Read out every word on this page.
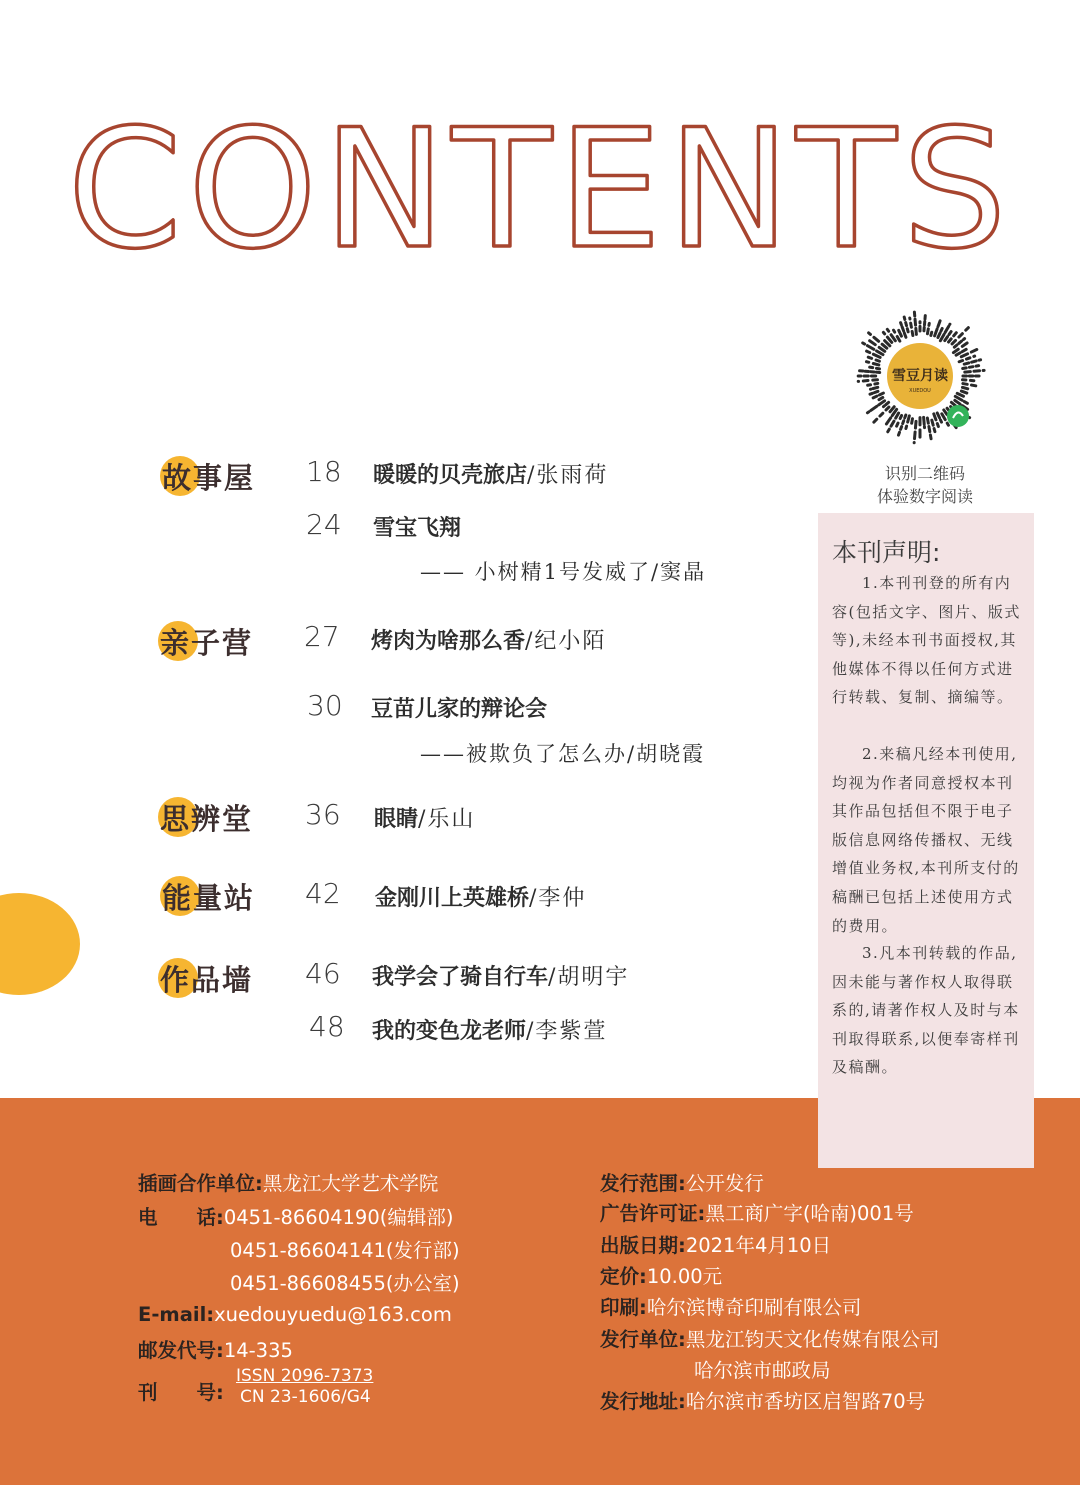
CONTENTS
雪豆月读
XUEDOU
识别二维码
体验数字阅读
故事屋 18 暖暖的贝壳旅店/张雨荷
24 雪宝飞翔
—— 小树精1号发威了/窦晶
亲子营 27 烤肉为啥那么香/纪小陌
30 豆苗儿家的辩论会
——被欺负了怎么办/胡晓霞
思辨堂 36 眼睛/乐山
能量站 42 金刚川上英雄桥/李仲
作品墙 46 我学会了骑自行车/胡明宇
48 我的变色龙老师/李紫萱
插画合作单位:黑龙江大学艺术学院
电　　话:0451-86604190(编辑部)
0451-86604141(发行部)
0451-86608455(办公室)
E-mail:xuedouyuedu@163.com
邮发代号:14-335
刊　　号:
ISSN 2096-7373
CN 23-1606/G4
发行范围:公开发行
广告许可证:黑工商广字(哈南)001号
出版日期:2021年4月10日
定价:10.00元
印刷:哈尔滨博奇印刷有限公司
发行单位:黑龙江钧天文化传媒有限公司
哈尔滨市邮政局
发行地址:哈尔滨市香坊区启智路70号
本刊声明:

1.本刊刊登的所有内容(包括文字、图片、版式等),未经本刊书面授权,其他媒体不得以任何方式进行转载、复制、摘编等。

2.来稿凡经本刊使用,均视为作者同意授权本刊其作品包括但不限于电子版信息网络传播权、无线增值业务权,本刊所支付的稿酬已包括上述使用方式的费用。

3.凡本刊转载的作品,因未能与著作权人取得联系的,请著作权人及时与本刊取得联系,以便奉寄样刊及稿酬。
